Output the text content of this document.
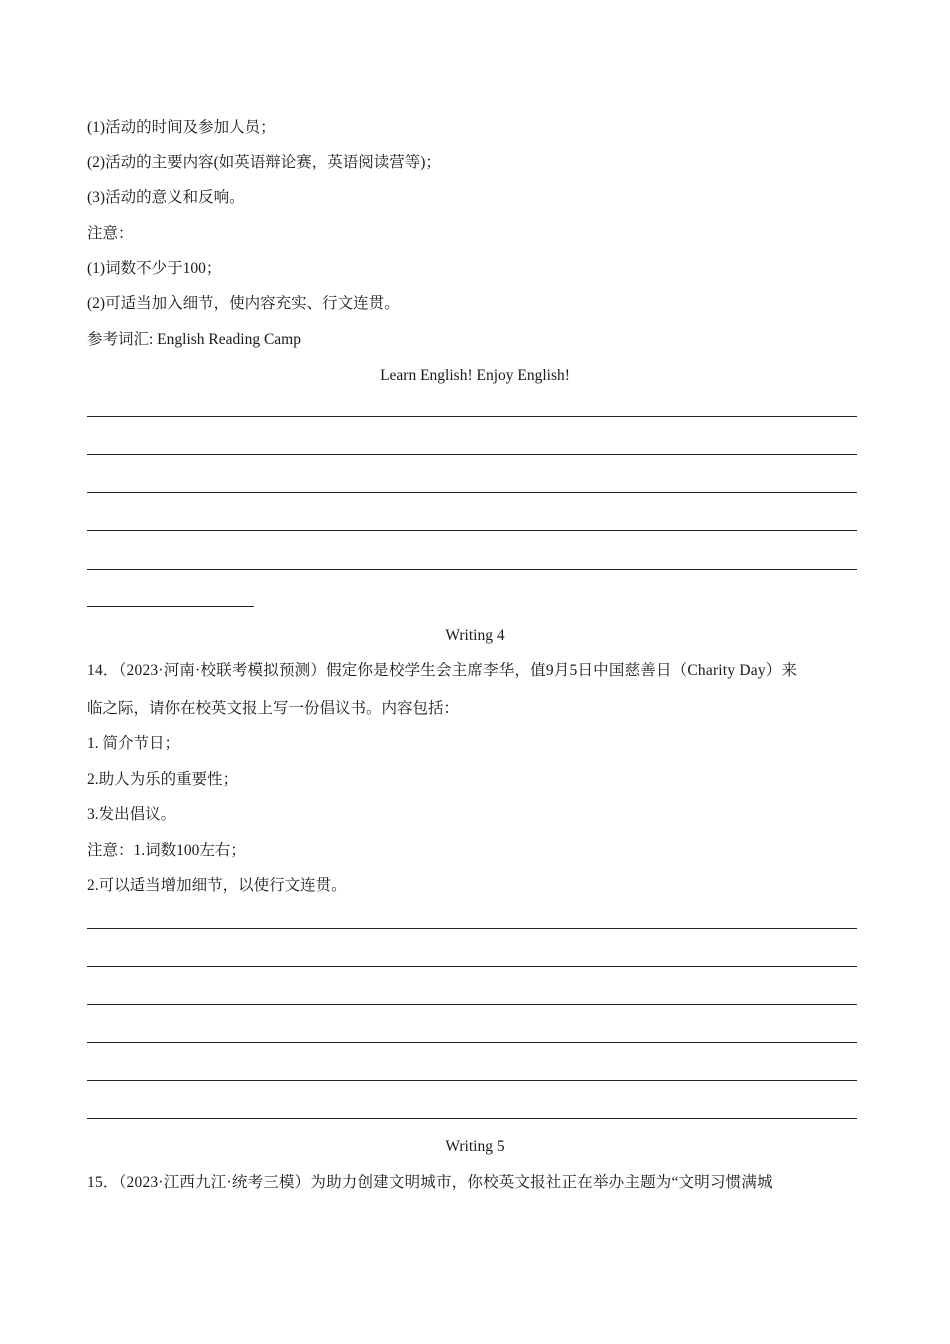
(1)活动的时间及参加人员；
(2)活动的主要内容(如英语辩论赛，英语阅读营等)；
(3)活动的意义和反响。
注意：
(1)词数不少于100；
(2)可适当加入细节，使内容充实、行文连贯。
参考词汇: English Reading Camp
Learn English! Enjoy English!
Writing 4
14．（2023·河南·校联考模拟预测）假定你是校学生会主席李华，值9月5日中国慈善日（Charity Day）来
临之际，请你在校英文报上写一份倡议书。内容包括：
1. 简介节日；
2.助人为乐的重要性；
3.发出倡议。
注意：1.词数100左右；
2.可以适当增加细节，以使行文连贯。
Writing 5
15．（2023·江西九江·统考三模）为助力创建文明城市，你校英文报社正在举办主题为“文明习惯满城
